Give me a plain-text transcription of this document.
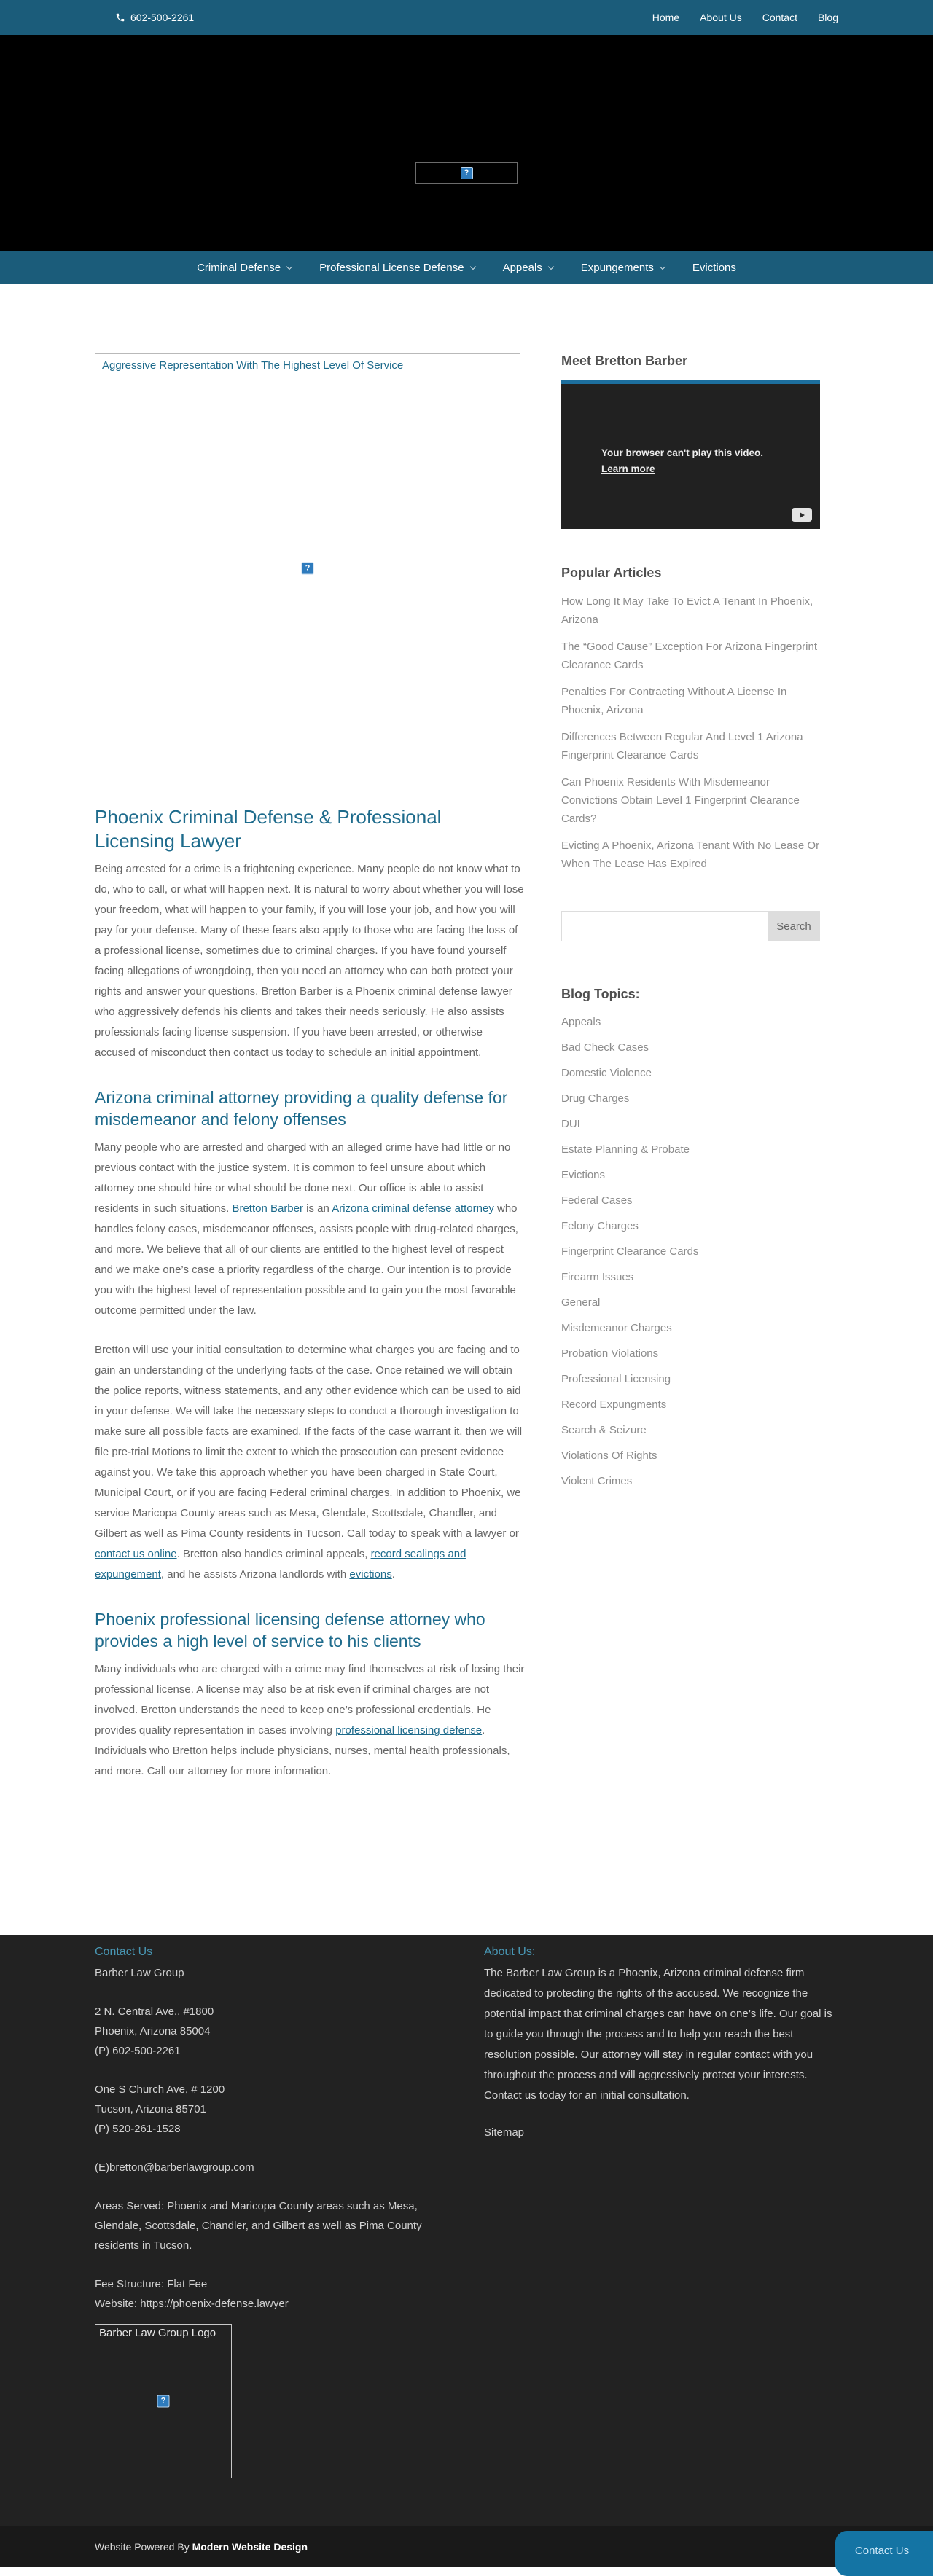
602-500-2261	Home About Us Contact Blog
?
Criminal Defense	Professional License Defense	Appeals	Expungements	Evictions
Aggressive Representation With The Highest Level Of Service
?
Phoenix Criminal Defense & Professional Licensing Lawyer

Being arrested for a crime is a frightening experience. Many people do not know what to do, who to call, or what will happen next. It is natural to worry about whether you will lose your freedom, what will happen to your family, if you will lose your job, and how you will pay for your defense. Many of these fears also apply to those who are facing the loss of a professional license, sometimes due to criminal charges. If you have found yourself facing allegations of wrongdoing, then you need an attorney who can both protect your rights and answer your questions. Bretton Barber is a Phoenix criminal defense lawyer who aggressively defends his clients and takes their needs seriously. He also assists professionals facing license suspension. If you have been arrested, or otherwise accused of misconduct then contact us today to schedule an initial appointment.

Arizona criminal attorney providing a quality defense for misdemeanor and felony offenses

Many people who are arrested and charged with an alleged crime have had little or no previous contact with the justice system. It is common to feel unsure about which attorney one should hire or what should be done next. Our office is able to assist residents in such situations. Bretton Barber is an Arizona criminal defense attorney who handles felony cases, misdemeanor offenses, assists people with drug-related charges, and more. We believe that all of our clients are entitled to the highest level of respect and we make one’s case a priority regardless of the charge. Our intention is to provide you with the highest level of representation possible and to gain you the most favorable outcome permitted under the law.

Bretton will use your initial consultation to determine what charges you are facing and to gain an understanding of the underlying facts of the case. Once retained we will obtain the police reports, witness statements, and any other evidence which can be used to aid in your defense. We will take the necessary steps to conduct a thorough investigation to make sure all possible facts are examined. If the facts of the case warrant it, then we will file pre-trial Motions to limit the extent to which the prosecution can present evidence against you. We take this approach whether you have been charged in State Court, Municipal Court, or if you are facing Federal criminal charges. In addition to Phoenix, we service Maricopa County areas such as Mesa, Glendale, Scottsdale, Chandler, and Gilbert as well as Pima County residents in Tucson. Call today to speak with a lawyer or contact us online. Bretton also handles criminal appeals, record sealings and expungement, and he assists Arizona landlords with evictions.

Phoenix professional licensing defense attorney who provides a high level of service to his clients

Many individuals who are charged with a crime may find themselves at risk of losing their professional license. A license may also be at risk even if criminal charges are not involved. Bretton understands the need to keep one’s professional credentials. He provides quality representation in cases involving professional licensing defense. Individuals who Bretton helps include physicians, nurses, mental health professionals, and more. Call our attorney for more information.

Meet Bretton Barber
Your browser can't play this video.
Learn more
Popular Articles
How Long It May Take To Evict A Tenant In Phoenix, Arizona
The “Good Cause” Exception For Arizona Fingerprint Clearance Cards
Penalties For Contracting Without A License In Phoenix, Arizona
Differences Between Regular And Level 1 Arizona Fingerprint Clearance Cards
Can Phoenix Residents With Misdemeanor Convictions Obtain Level 1 Fingerprint Clearance Cards?
Evicting A Phoenix, Arizona Tenant With No Lease Or When The Lease Has Expired
Search
Blog Topics:
Appeals
Bad Check Cases
Domestic Violence
Drug Charges
DUI
Estate Planning & Probate
Evictions
Federal Cases
Felony Charges
Fingerprint Clearance Cards
Firearm Issues
General
Misdemeanor Charges
Probation Violations
Professional Licensing
Record Expungments
Search & Seizure
Violations Of Rights
Violent Crimes
Contact Us
Barber Law Group
2 N. Central Ave., #1800
Phoenix, Arizona 85004
(P) 602-500-2261
One S Church Ave, # 1200
Tucson, Arizona 85701
(P) 520-261-1528
(E)bretton@barberlawgroup.com
Areas Served: Phoenix and Maricopa County areas such as Mesa, Glendale, Scottsdale, Chandler, and Gilbert as well as Pima County residents in Tucson.
Fee Structure: Flat Fee
Website: https://phoenix-defense.lawyer
Barber Law Group Logo
?
About Us:

The Barber Law Group is a Phoenix, Arizona criminal defense firm dedicated to protecting the rights of the accused. We recognize the potential impact that criminal charges can have on one’s life. Our goal is to guide you through the process and to help you reach the best resolution possible. Our attorney will stay in regular contact with you throughout the process and will aggressively protect your interests. Contact us today for an initial consultation.

Sitemap
Website Powered By Modern Website Design	Contact Us
